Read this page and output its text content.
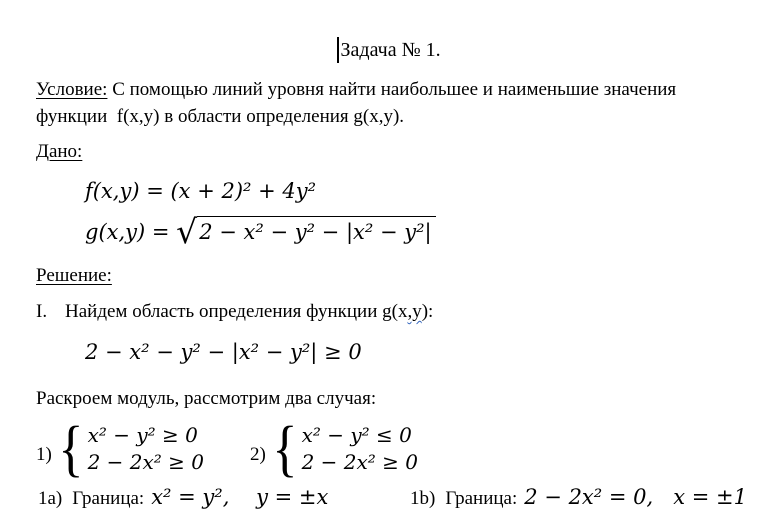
Задача № 1.
Условие: С помощью линий уровня найти наибольшее и наименьшие значения
функции  f(x,y) в области определения g(x,y).
Дано:
f(x,y) = (x + 2)² + 4y²
g(x,y) = √ 2 − x² − y² − |x² − y²|
Решение:
I. Найдем область определения функции g(x,y):
2 − x² − y² − |x² − y²| ≥ 0
Раскроем модуль, рассмотрим два случая:
1) { x² − y² ≥ 0
2 − 2x² ≥ 0 2) { x² − y² ≤ 0
2 − 2x² ≥ 0
1a) Граница: x² = y²,    y = ±x	1b) Граница: 2 − 2x² = 0,   x = ±1
